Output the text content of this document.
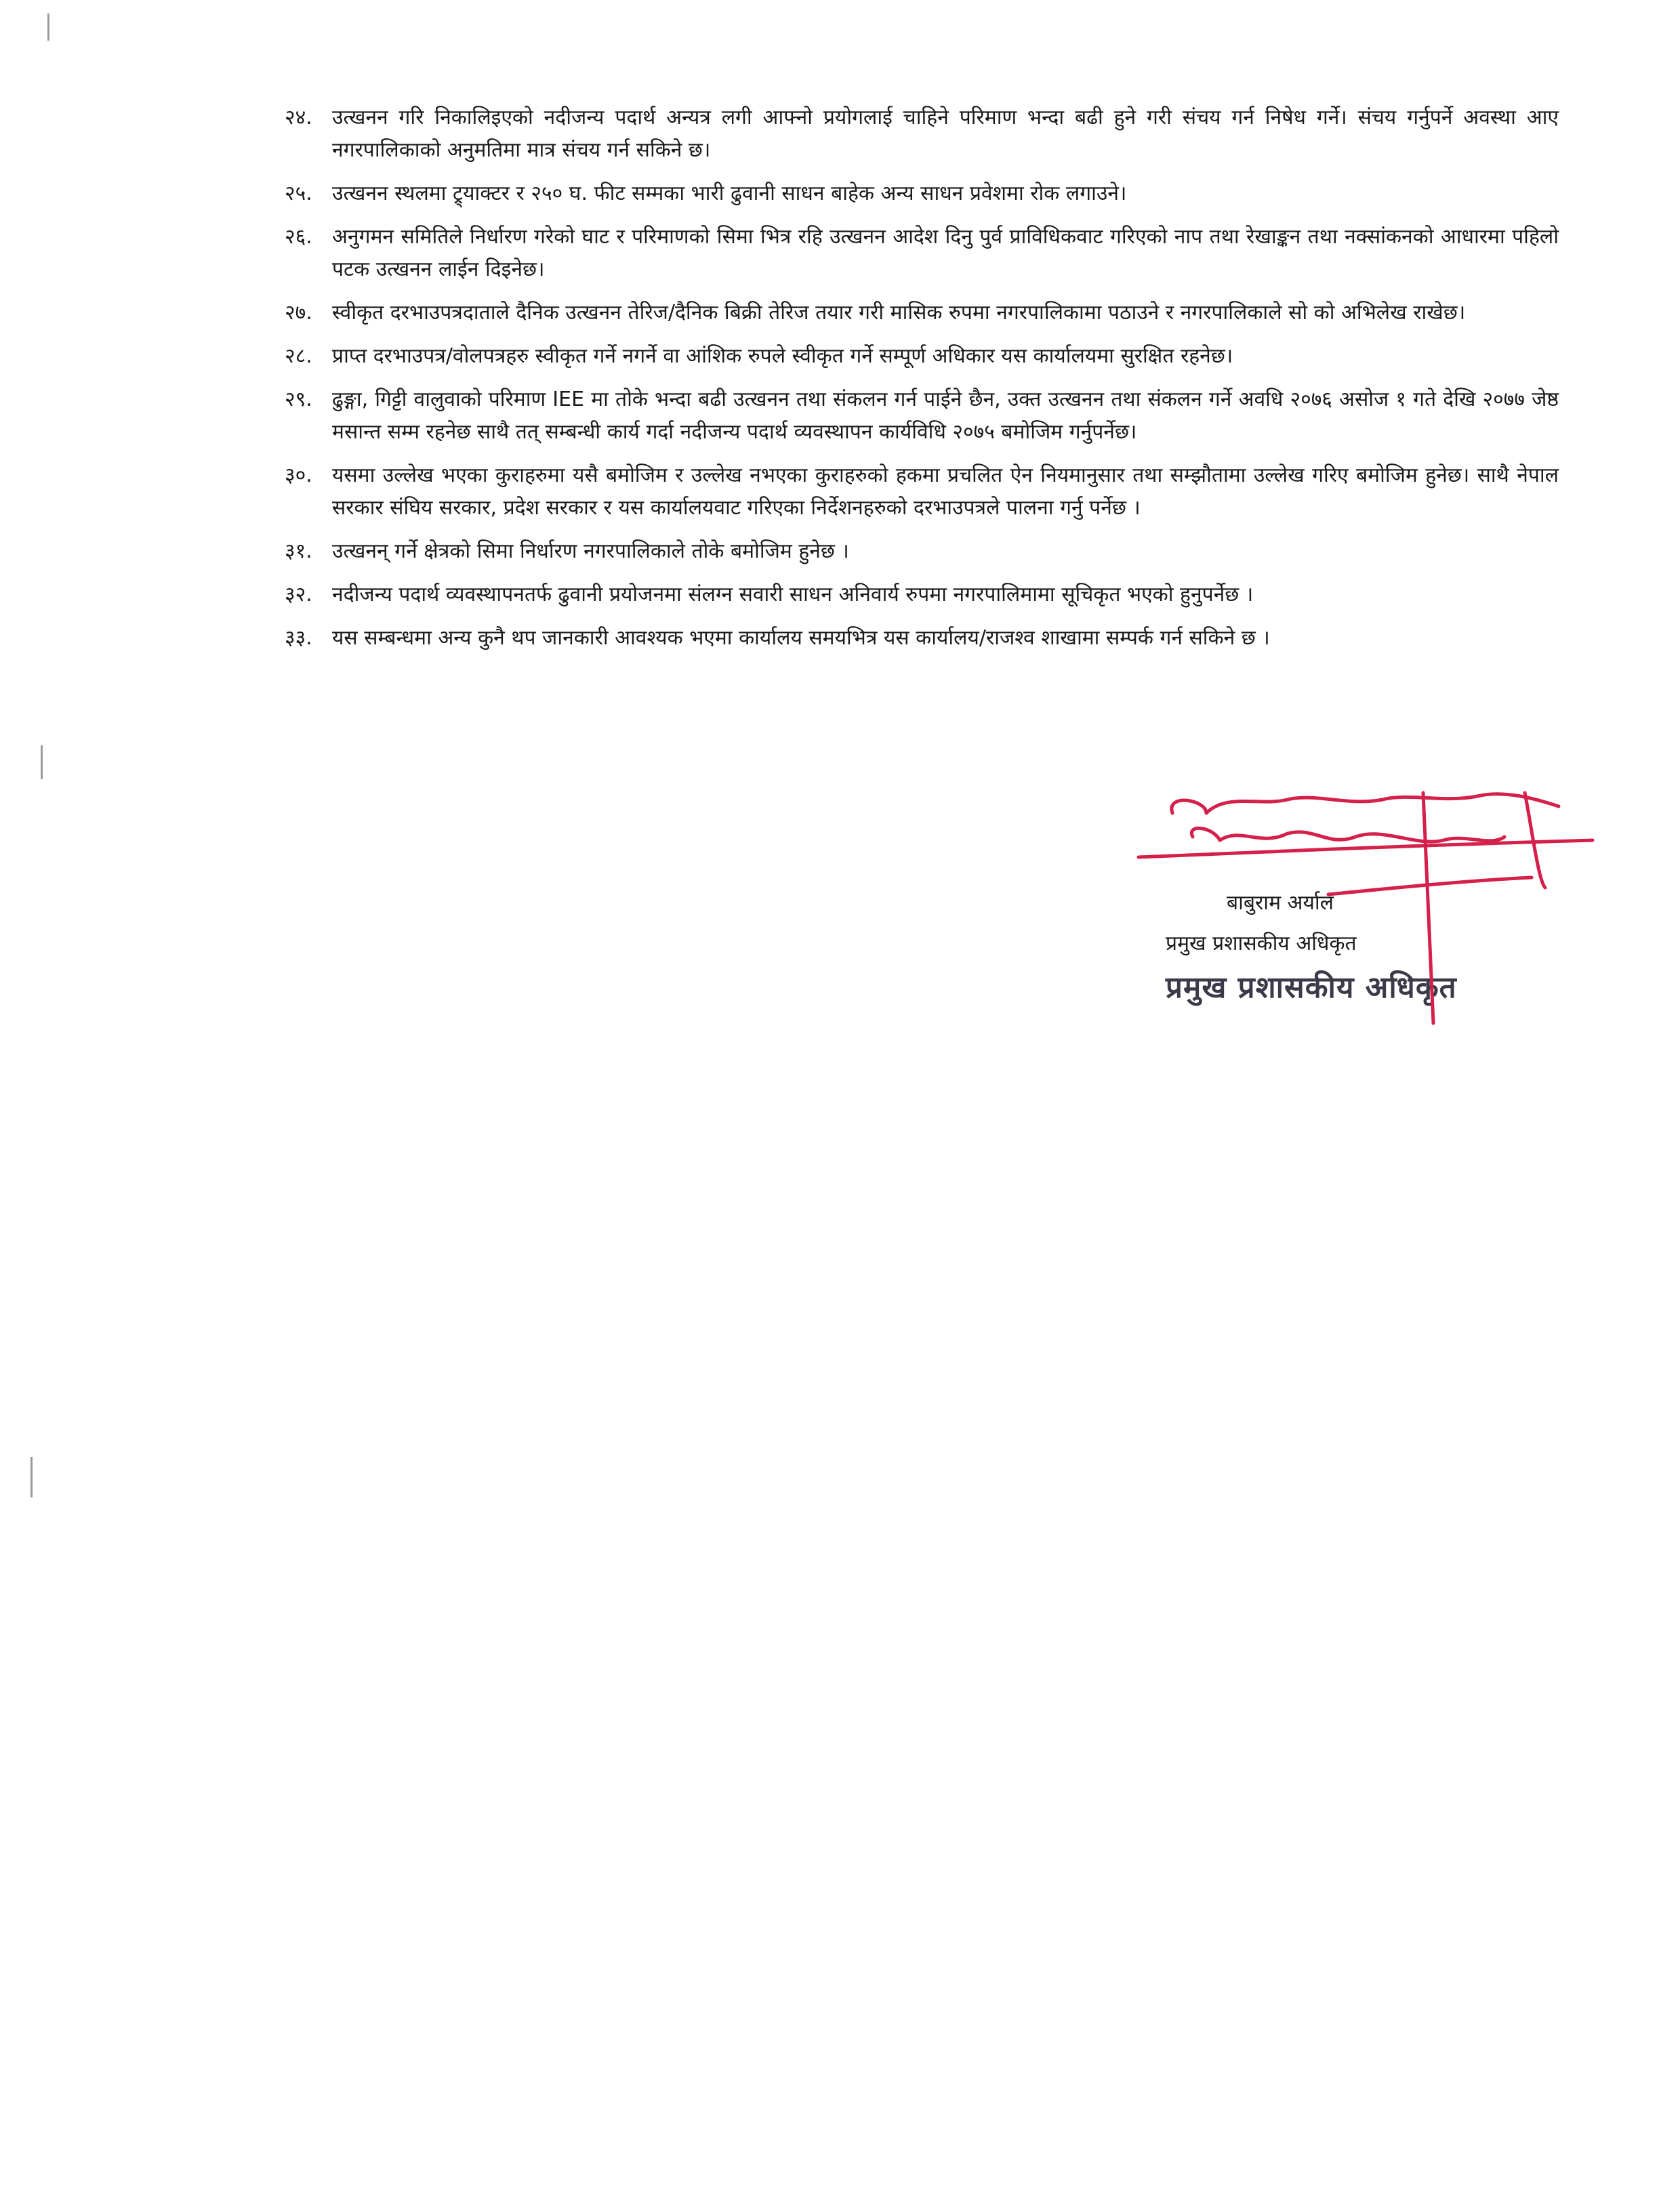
२४. उत्खनन गरि निकालिइएको नदीजन्य पदार्थ अन्यत्र लगी आफ्नो प्रयोगलाई चाहिने परिमाण भन्दा बढी हुने गरी संचय गर्न निषेध गर्ने। संचय गर्नुपर्ने अवस्था आए नगरपालिकाको अनुमतिमा मात्र संचय गर्न सकिने छ।
२५. उत्खनन स्थलमा ट्र्याक्टर र २५० घ. फीट सम्मका भारी ढुवानी साधन बाहेक अन्य साधन प्रवेशमा रोक लगाउने।
२६. अनुगमन समितिले निर्धारण गरेको घाट र परिमाणको सिमा भित्र रहि उत्खनन आदेश दिनु पुर्व प्राविधिकवाट गरिएको नाप तथा रेखाङ्कन तथा नक्सांकनको आधारमा पहिलो पटक उत्खनन लाईन दिइनेछ।
२७. स्वीकृत दरभाउपत्रदाताले दैनिक उत्खनन तेरिज/दैनिक बिक्री तेरिज तयार गरी मासिक रुपमा नगरपालिकामा पठाउने र नगरपालिकाले सो को अभिलेख राखेछ।
२८. प्राप्त दरभाउपत्र/वोलपत्रहरु स्वीकृत गर्ने नगर्ने वा आंशिक रुपले स्वीकृत गर्ने सम्पूर्ण अधिकार यस कार्यालयमा सुरक्षित रहनेछ।
२९. ढुङ्गा, गिट्टी वालुवाको परिमाण IEE मा तोके भन्दा बढी उत्खनन तथा संकलन गर्न पाईने छैन, उक्त उत्खनन तथा संकलन गर्ने अवधि २०७६ असोज १ गते देखि २०७७ जेष्ठ मसान्त सम्म रहनेछ साथै तत् सम्बन्धी कार्य गर्दा नदीजन्य पदार्थ व्यवस्थापन कार्यविधि २०७५ बमोजिम गर्नुपर्नेछ।
३०. यसमा उल्लेख भएका कुराहरुमा यसै बमोजिम र उल्लेख नभएका कुराहरुको हकमा प्रचलित ऐन नियमानुसार तथा सम्झौतामा उल्लेख गरिए बमोजिम हुनेछ। साथै नेपाल सरकार संघिय सरकार, प्रदेश सरकार र यस कार्यालयवाट गरिएका निर्देशनहरुको दरभाउपत्रले पालना गर्नु पर्नेछ ।
३१. उत्खनन् गर्ने क्षेत्रको सिमा निर्धारण नगरपालिकाले तोके बमोजिम हुनेछ ।
३२. नदीजन्य पदार्थ व्यवस्थापनतर्फ ढुवानी प्रयोजनमा संलग्न सवारी साधन अनिवार्य रुपमा नगरपालिमामा सूचिकृत भएको हुनुपर्नेछ ।
३३. यस सम्बन्धमा अन्य कुनै थप जानकारी आवश्यक भएमा कार्यालय समयभित्र यस कार्यालय/राजश्व शाखामा सम्पर्क गर्न सकिने छ ।
बाबुराम अर्याल
प्रमुख प्रशासकीय अधिकृत
प्रमुख प्रशासकीय अधिकृत
